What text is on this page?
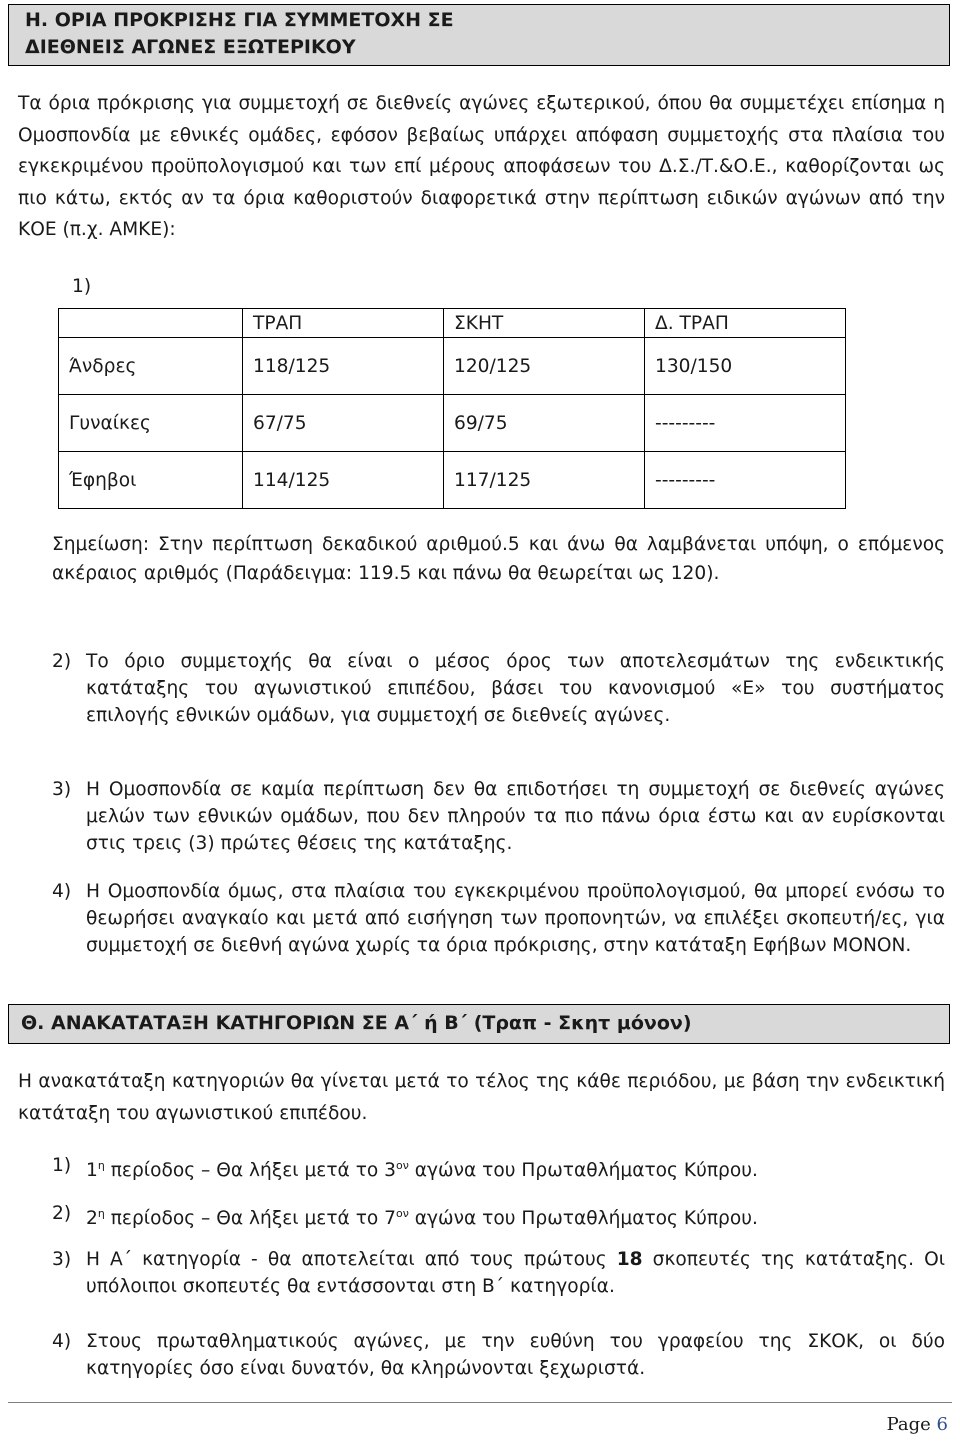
Η. ΟΡΙΑ ΠΡΟΚΡΙΣΗΣ ΓΙΑ ΣΥΜΜΕΤΟΧΗ ΣΕ
ΔΙΕΘΝΕΙΣ ΑΓΩΝΕΣ ΕΞΩΤΕΡΙΚΟΥ

Τα όρια πρόκρισης για συμμετοχή σε διεθνείς αγώνες εξωτερικού, όπου θα συμμετέχει επίσημα η Ομοσπονδία με εθνικές ομάδες, εφόσον βεβαίως υπάρχει απόφαση συμμετοχής στα πλαίσια του εγκεκριμένου προϋπολογισμού και των επί μέρους αποφάσεων του Δ.Σ./Τ.&Ο.Ε., καθορίζονται ως πιο κάτω, εκτός αν τα όρια καθοριστούν διαφορετικά στην περίπτωση ειδικών αγώνων από την ΚΟΕ (π.χ. ΑΜΚΕ):

1)
	ΤΡΑΠ	ΣΚΗΤ	Δ. ΤΡΑΠ
Άνδρες	118/125	120/125	130/150
Γυναίκες	67/75	69/75	---------
Έφηβοι	114/125	117/125	---------

Σημείωση: Στην περίπτωση δεκαδικού αριθμού.5 και άνω θα λαμβάνεται υπόψη, ο επόμενος ακέραιος αριθμός (Παράδειγμα: 119.5 και πάνω θα θεωρείται ως 120).

2) Το όριο συμμετοχής θα είναι ο μέσος όρος των αποτελεσμάτων της ενδεικτικής κατάταξης του αγωνιστικού επιπέδου, βάσει του κανονισμού «Ε» του συστήματος επιλογής εθνικών ομάδων, για συμμετοχή σε διεθνείς αγώνες.
3) Η Ομοσπονδία σε καμία περίπτωση δεν θα επιδοτήσει τη συμμετοχή σε διεθνείς αγώνες μελών των εθνικών ομάδων, που δεν πληρούν τα πιο πάνω όρια έστω και αν ευρίσκονται στις τρεις (3) πρώτες θέσεις της κατάταξης.
4) Η Ομοσπονδία όμως, στα πλαίσια του εγκεκριμένου προϋπολογισμού, θα μπορεί ενόσω το θεωρήσει αναγκαίο και μετά από εισήγηση των προπονητών, να επιλέξει σκοπευτή/ες, για συμμετοχή σε διεθνή αγώνα χωρίς τα όρια πρόκρισης, στην κατάταξη Εφήβων ΜΟΝΟΝ.
Θ. ΑΝΑΚΑΤΑΤΑΞΗ ΚΑΤΗΓΟΡΙΩΝ ΣΕ Α΄ ή Β΄ (Τραπ - Σκητ μόνον)

Η ανακατάταξη κατηγοριών θα γίνεται μετά το τέλος της κάθε περιόδου, με βάση την ενδεικτική κατάταξη του αγωνιστικού επιπέδου.

1) $1^\eta$ περίοδος – Θα λήξει μετά το $3^{o\nu}$ αγώνα του Πρωταθλήματος Κύπρου.
2) $2^\eta$ περίοδος – Θα λήξει μετά το $7^{o\nu}$ αγώνα του Πρωταθλήματος Κύπρου.
3) Η Α΄ κατηγορία - θα αποτελείται από τους πρώτους 18 σκοπευτές της κατάταξης. Οι υπόλοιποι σκοπευτές θα εντάσσονται στη Β΄ κατηγορία.
4) Στους πρωταθληματικούς αγώνες, με την ευθύνη του γραφείου της ΣΚΟΚ, οι δύο κατηγορίες όσο είναι δυνατόν, θα κληρώνονται ξεχωριστά.
Page 6
